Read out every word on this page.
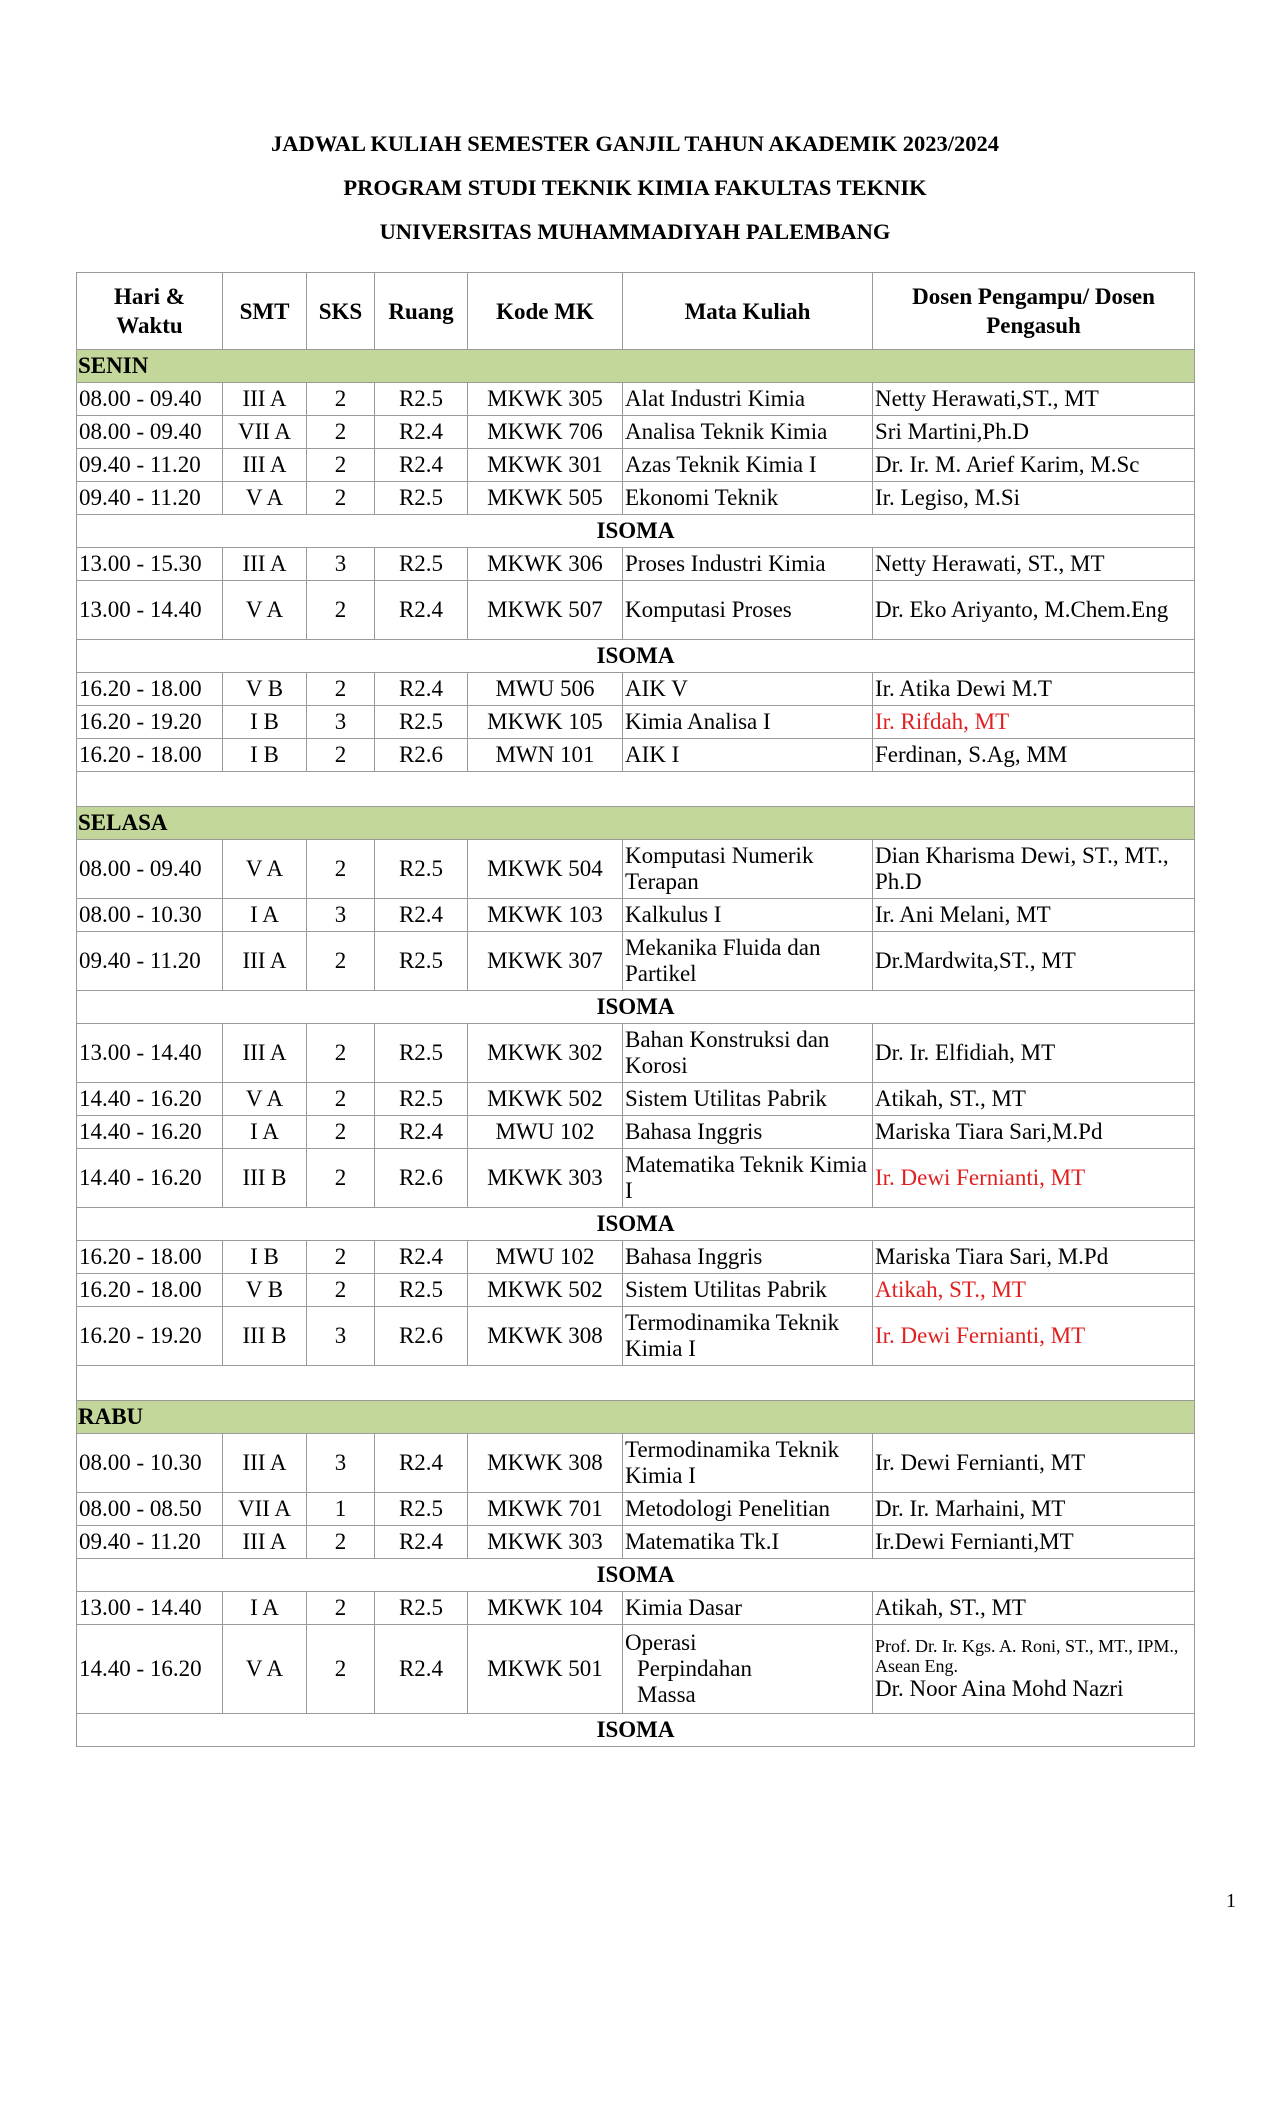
JADWAL KULIAH SEMESTER GANJIL TAHUN AKADEMIK 2023/2024
PROGRAM STUDI TEKNIK KIMIA FAKULTAS TEKNIK
UNIVERSITAS MUHAMMADIYAH PALEMBANG
Hari & Waktu	SMT	SKS	Ruang	Kode MK	Mata Kuliah	Dosen Pengampu/ Dosen Pengasuh
SENIN						
08.00 - 09.40	III A	2	R2.5	MKWK 305	Alat Industri Kimia	Netty Herawati,ST., MT
08.00 - 09.40	VII A	2	R2.4	MKWK 706	Analisa Teknik Kimia	Sri Martini,Ph.D
09.40 - 11.20	III A	2	R2.4	MKWK 301	Azas Teknik Kimia I	Dr. Ir. M. Arief Karim, M.Sc
09.40 - 11.20	V A	2	R2.5	MKWK 505	Ekonomi Teknik	Ir. Legiso, M.Si
ISOMA						
13.00 - 15.30	III A	3	R2.5	MKWK 306	Proses Industri Kimia	Netty Herawati, ST., MT
13.00 - 14.40	V A	2	R2.4	MKWK 507	Komputasi Proses	Dr. Eko Ariyanto, M.Chem.Eng
ISOMA						
16.20 - 18.00	V B	2	R2.4	MWU 506	AIK V	Ir. Atika Dewi M.T
16.20 - 19.20	I B	3	R2.5	MKWK 105	Kimia Analisa I	Ir. Rifdah, MT
16.20 - 18.00	I B	2	R2.6	MWN 101	AIK I	Ferdinan, S.Ag, MM

SELASA						
08.00 - 09.40	V A	2	R2.5	MKWK 504	Komputasi Numerik Terapan	Dian Kharisma Dewi, ST., MT., Ph.D
08.00 - 10.30	I A	3	R2.4	MKWK 103	Kalkulus I	Ir. Ani Melani, MT
09.40 - 11.20	III A	2	R2.5	MKWK 307	Mekanika Fluida dan Partikel	Dr.Mardwita,ST., MT
ISOMA						
13.00 - 14.40	III A	2	R2.5	MKWK 302	Bahan Konstruksi dan Korosi	Dr. Ir. Elfidiah, MT
14.40 - 16.20	V A	2	R2.5	MKWK 502	Sistem Utilitas Pabrik	Atikah, ST., MT
14.40 - 16.20	I A	2	R2.4	MWU 102	Bahasa Inggris	Mariska Tiara Sari,M.Pd
14.40 - 16.20	III B	2	R2.6	MKWK 303	Matematika Teknik Kimia I	Ir. Dewi Fernianti, MT
ISOMA						
16.20 - 18.00	I B	2	R2.4	MWU 102	Bahasa Inggris	Mariska Tiara Sari, M.Pd
16.20 - 18.00	V B	2	R2.5	MKWK 502	Sistem Utilitas Pabrik	Atikah, ST., MT
16.20 - 19.20	III B	3	R2.6	MKWK 308	Termodinamika Teknik Kimia I	Ir. Dewi Fernianti, MT

RABU						
08.00 - 10.30	III A	3	R2.4	MKWK 308	Termodinamika Teknik Kimia I	Ir. Dewi Fernianti, MT
08.00 - 08.50	VII A	1	R2.5	MKWK 701	Metodologi Penelitian	Dr. Ir. Marhaini, MT
09.40 - 11.20	III A	2	R2.4	MKWK 303	Matematika Tk.I	Ir.Dewi Fernianti,MT
ISOMA						
13.00 - 14.40	I A	2	R2.5	MKWK 104	Kimia Dasar	Atikah, ST., MT
14.40 - 16.20	V A	2	R2.4	MKWK 501	Operasi
Perpindahan
Massa	Prof. Dr. Ir. Kgs. A. Roni, ST., MT., IPM., Asean Eng.
Dr. Noor Aina Mohd Nazri

ISOMA						
1
